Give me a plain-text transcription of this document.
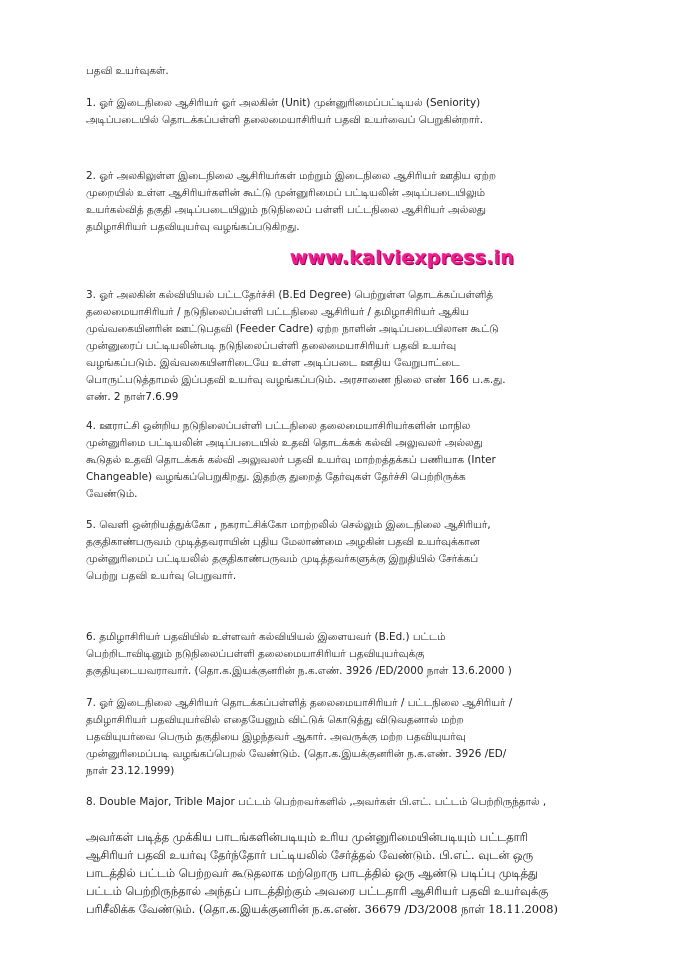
பதவி உயர்வுகள்.
1. ஓர் இடைநிலை ஆசிரியர் ஓர் அலகின் (Unit) முன்னுரிமைப்பட்டியல் (Seniority)
அடிப்படையில் தொடக்கப்பள்ளி தலைமையாசிரியர் பதவி உயர்வைப் பெறுகின்றார்.
2. ஓர் அலகிலுள்ள இடைநிலை ஆசிரியர்கள் மற்றும் இடைநிலை ஆசிரியர் ஊதிய ஏற்ற
முறையில் உள்ள ஆசிரியர்களின் கூட்டு முன்னுரிமைப் பட்டியலின் அடிப்படையிலும்
உயர்கல்வித் தகுதி அடிப்படையிலும் நடுநிலைப் பள்ளி பட்டநிலை ஆசிரியர் அல்லது
தமிழாசிரியர் பதவியுயர்வு வழங்கப்படுகிறது.
www.kalviexpress.in
3. ஓர் அலகின் கல்வியியல் பட்டதேர்ச்சி (B.Ed Degree) பெற்றுள்ள தொடக்கப்பள்ளித்
தலைமையாசிரியர் / நடுநிலைப்பள்ளி பட்டநிலை ஆசிரியர் / தமிழாசிரியர் ஆகிய
முவ்வகையினரின் ஊட்டுபதவி (Feeder Cadre) ஏற்ற நாளின் அடிப்படையிலான கூட்டு
முன்னுரைப் பட்டியலின்படி நடுநிலைப்பள்ளி தலைமையாசிரியர் பதவி உயர்வு
வழங்கப்படும். இவ்வகையினரிடையே உள்ள அடிப்படை ஊதிய வேறுபாட்டை
பொருட்படுத்தாமல் இப்பதவி உயர்வு வழங்கப்படும். அரசாணை நிலை எண் 166 ப.க.து.
எண். 2 நாள்7.6.99
4. ஊராட்சி ஒன்றிய நடுநிலைப்பள்ளி பட்டநிலை தலைமையாசிரியர்களின் மாநில
முன்னுரிமை பட்டியலின் அடிப்படையில் உதவி தொடக்கக் கல்வி அலுவலர் அல்லது
கூடுதல் உதவி தொடக்கக் கல்வி அலுவலர் பதவி உயர்வு மாற்றத்தக்கப் பணியாக (Inter
Changeable) வழங்கப்பெறுகிறது. இதற்கு துறைத் தேர்வுகள் தேர்ச்சி பெற்றிருக்க
வேண்டும்.
5. வெளி ஒன்றியத்துக்கோ , நகராட்சிக்கோ மாற்றலில் செல்லும் இடைநிலை ஆசிரியர்,
தகுதிகாண்பருவம் முடித்தவராயின் புதிய மேலாண்மை அழகின் பதவி உயர்வுக்கான
முன்னுரிமைப் பட்டியலில் தகுதிகாண்பருவம் முடித்தவர்களுக்கு இறுதியில் சேர்க்கப்
பெற்று பதவி உயர்வு பெறுவார்.
6. தமிழாசிரியர் பதவியில் உள்ளவர் கல்வியியல் இளையவர் (B.Ed.) பட்டம்
பெற்றிடாவிடினும் நடுநிலைப்பள்ளி தலைமையாசிரியர் பதவியுயர்வுக்கு
தகுதியுடையவராவார். (தொ.க.இயக்குனரின் ந.க.எண். 3926 /ED/2000 நாள் 13.6.2000 )
7. ஓர் இடைநிலை ஆசிரியர் தொடக்கப்பள்ளித் தலைமையாசிரியர் / பட்டநிலை ஆசிரியர் /
தமிழாசிரியர் பதவியுயர்வில் எதையேனும் விட்டுக் கொடுத்து விடுவதனால் மற்ற
பதவியுயர்வை பெரும் தகுதியை இழந்தவர் ஆகார். அவருக்கு மற்ற பதவியுயர்வு
முன்னுரிமைப்படி வழங்கப்பெறல் வேண்டும். (தொ.க.இயக்குனரின் ந.க.எண். 3926 /ED/
நாள் 23.12.1999)
8. Double Major, Trible Major பட்டம் பெற்றவர்களில் ,அவர்கள் பி.எட். பட்டம் பெற்றிருந்தால் ,
அவர்கள் படித்த முக்கிய பாடங்களின்படியும் உரிய முன்னுரிமையின்படியும் பட்டதாரி
ஆசிரியர் பதவி உயர்வு தேர்ந்தோர் பட்டியலில் சேர்த்தல் வேண்டும். பி.எட். வுடன் ஒரு
பாடத்தில் பட்டம் பெற்றவர் கூடுதலாக மற்றொரு பாடத்தில் ஒரு ஆண்டு படிப்பு முடித்து
பட்டம் பெற்றிருந்தால் அந்தப் பாடத்திற்கும் அவரை பட்டதாரி ஆசிரியர் பதவி உயர்வுக்கு
பரிசீலிக்க வேண்டும். (தொ.க.இயக்குனரின் ந.க.எண். 36679 /D3/2008 நாள் 18.11.2008)
